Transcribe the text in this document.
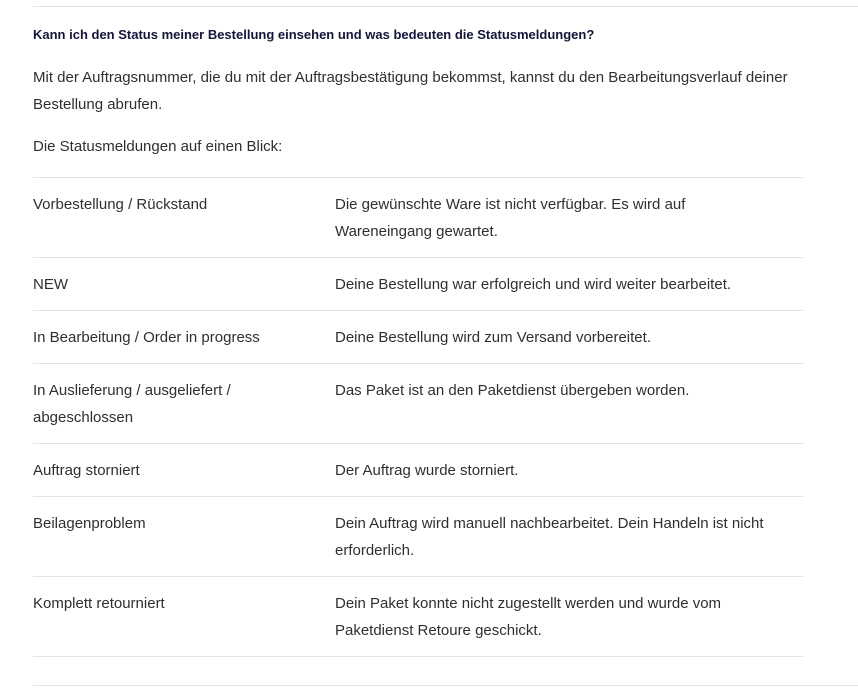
Kann ich den Status meiner Bestellung einsehen und was bedeuten die Statusmeldungen?

Mit der Auftragsnummer, die du mit der Auftragsbestätigung bekommst, kannst du den Bearbeitungsverlauf deiner Bestellung abrufen.

Die Statusmeldungen auf einen Blick:

Vorbestellung / Rückstand	Die gewünschte Ware ist nicht verfügbar. Es wird auf Wareneingang gewartet.
NEW	Deine Bestellung war erfolgreich und wird weiter bearbeitet.
In Bearbeitung / Order in progress	Deine Bestellung wird zum Versand vorbereitet.
In Auslieferung / ausgeliefert / abgeschlossen	Das Paket ist an den Paketdienst übergeben worden.
Auftrag storniert	Der Auftrag wurde storniert.
Beilagenproblem	Dein Auftrag wird manuell nachbearbeitet. Dein Handeln ist nicht erforderlich.
Komplett retourniert	Dein Paket konnte nicht zugestellt werden und wurde vom Paketdienst Retoure geschickt.
